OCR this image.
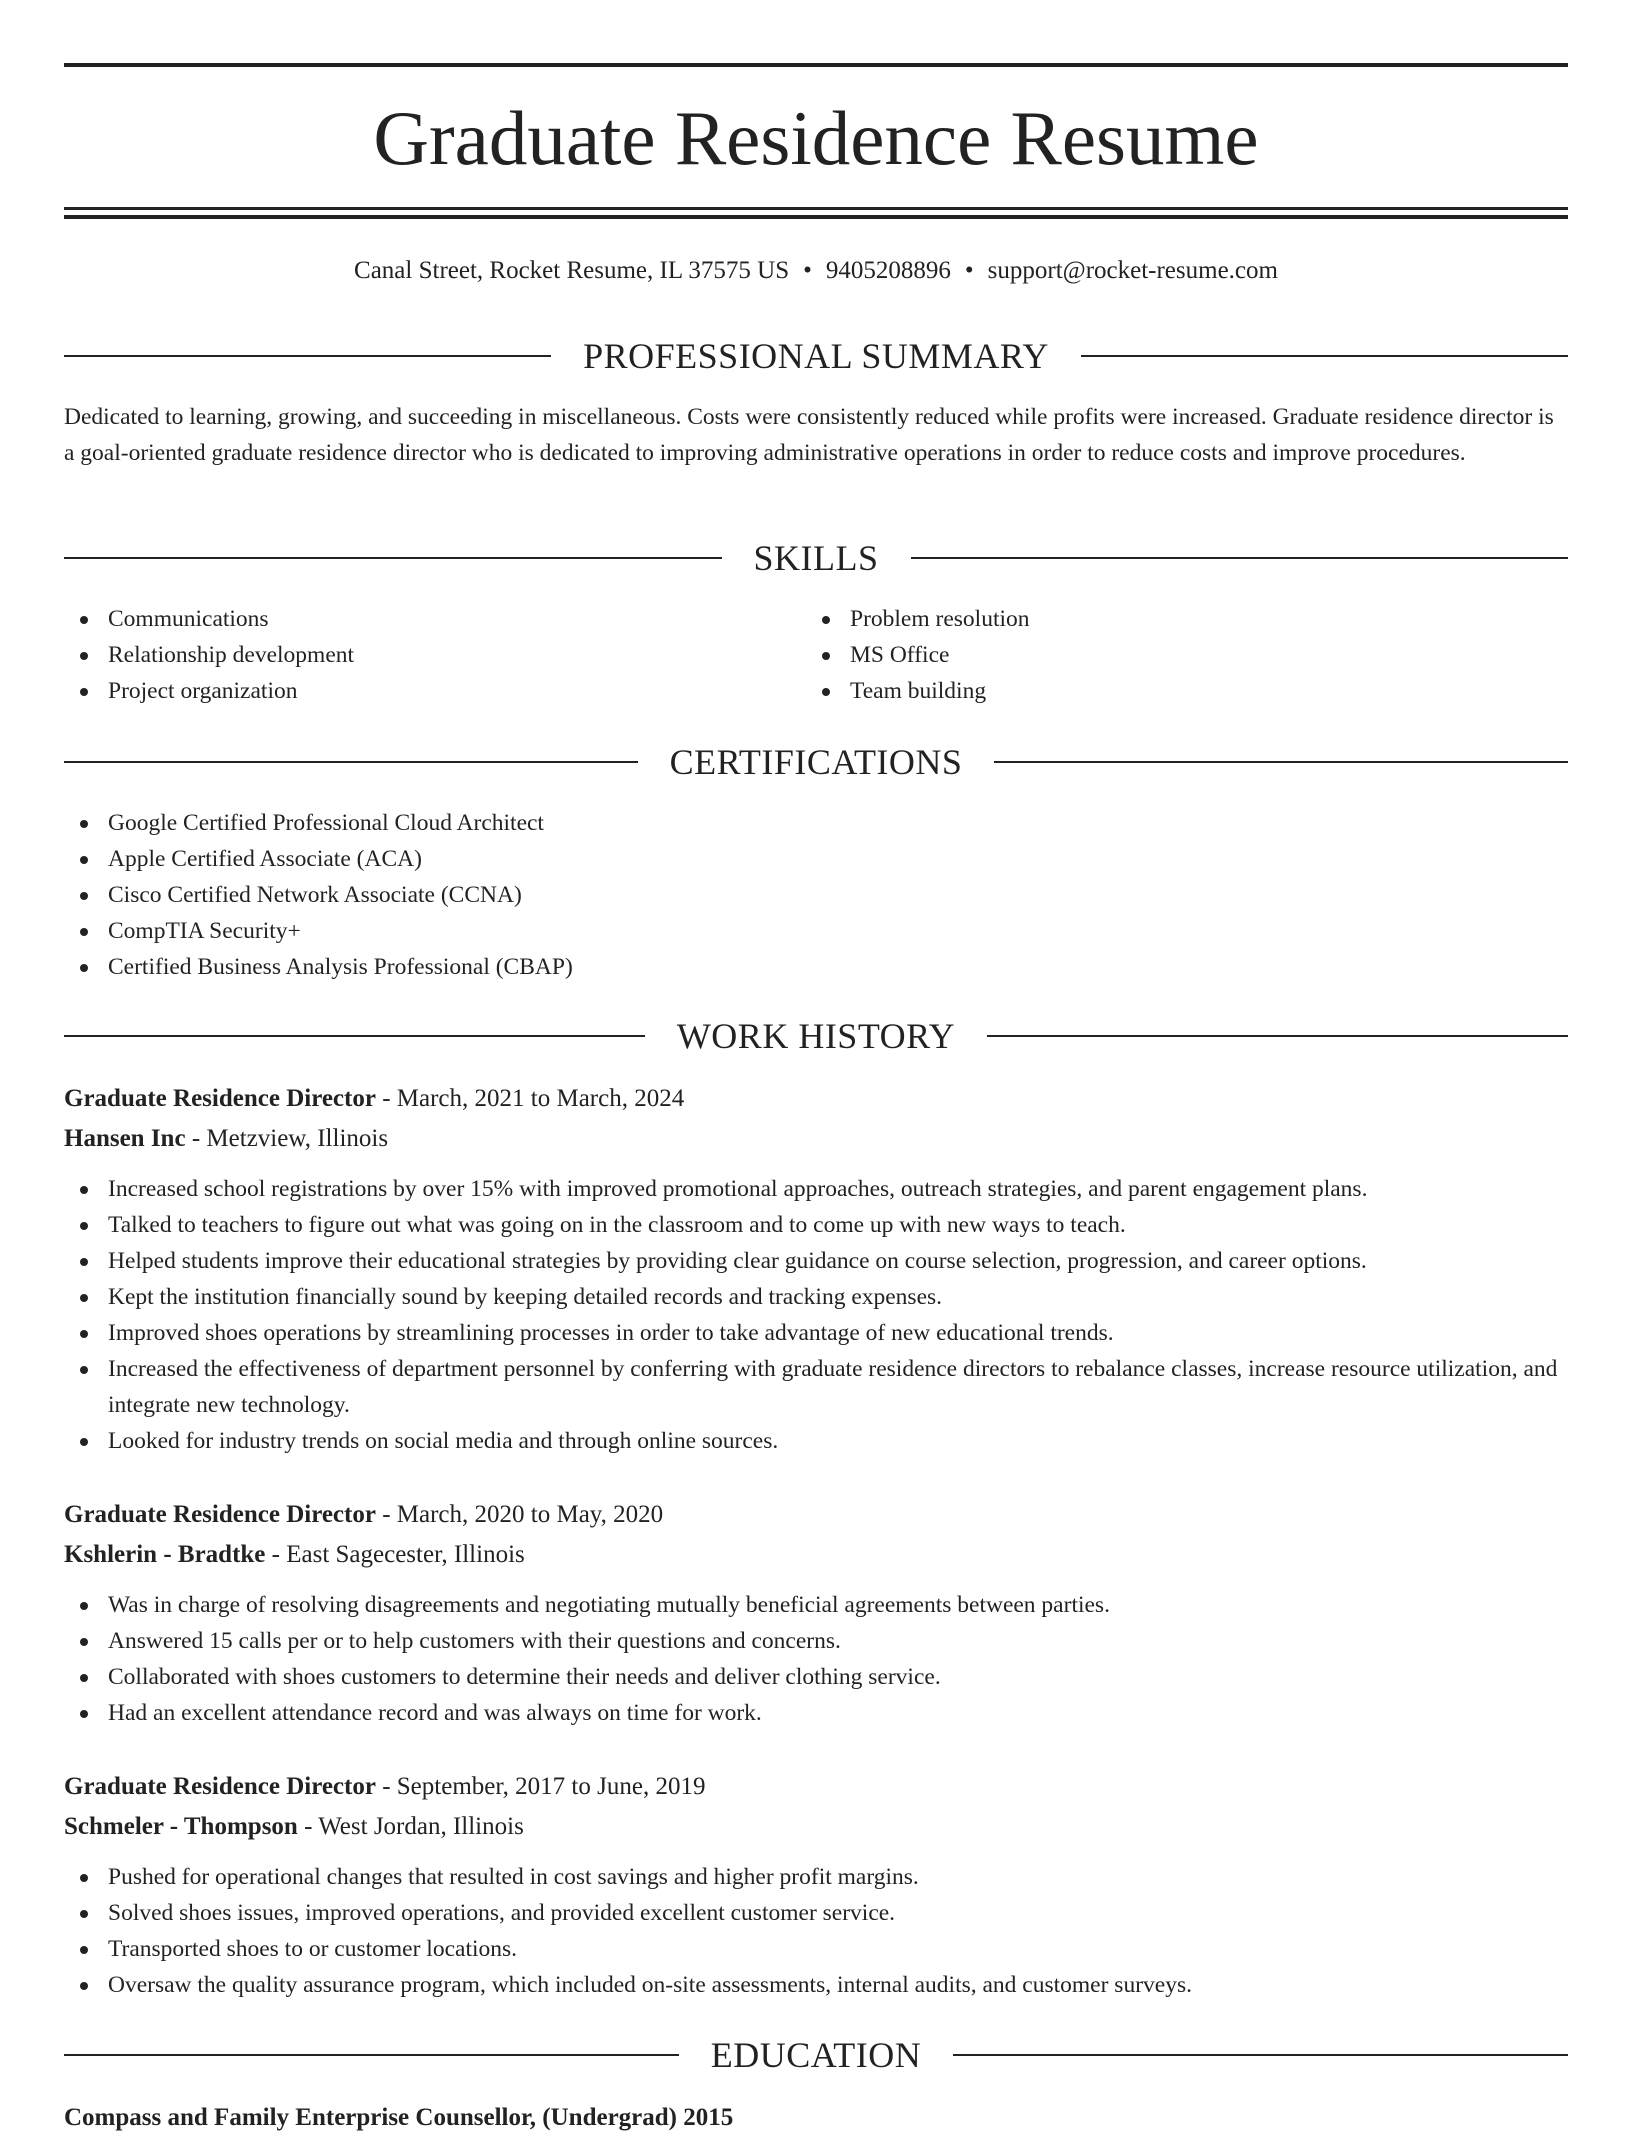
Graduate Residence Resume
Canal Street, Rocket Resume, IL 37575 US • 9405208896 • support@rocket-resume.com
PROFESSIONAL SUMMARY

Dedicated to learning, growing, and succeeding in miscellaneous. Costs were consistently reduced while profits were increased. Graduate residence director is a goal-oriented graduate residence director who is dedicated to improving administrative operations in order to reduce costs and improve procedures.

SKILLS
Communications
Relationship development
Project organization
Problem resolution
MS Office
Team building
CERTIFICATIONS
Google Certified Professional Cloud Architect
Apple Certified Associate (ACA)
Cisco Certified Network Associate (CCNA)
CompTIA Security+
Certified Business Analysis Professional (CBAP)
WORK HISTORY

Graduate Residence Director - March, 2021 to March, 2024

Hansen Inc - Metzview, Illinois

Increased school registrations by over 15% with improved promotional approaches, outreach strategies, and parent engagement plans.
Talked to teachers to figure out what was going on in the classroom and to come up with new ways to teach.
Helped students improve their educational strategies by providing clear guidance on course selection, progression, and career options.
Kept the institution financially sound by keeping detailed records and tracking expenses.
Improved shoes operations by streamlining processes in order to take advantage of new educational trends.
Increased the effectiveness of department personnel by conferring with graduate residence directors to rebalance classes, increase resource utilization, and integrate new technology.
Looked for industry trends on social media and through online sources.

Graduate Residence Director - March, 2020 to May, 2020

Kshlerin - Bradtke - East Sagecester, Illinois

Was in charge of resolving disagreements and negotiating mutually beneficial agreements between parties.
Answered 15 calls per or to help customers with their questions and concerns.
Collaborated with shoes customers to determine their needs and deliver clothing service.
Had an excellent attendance record and was always on time for work.

Graduate Residence Director - September, 2017 to June, 2019

Schmeler - Thompson - West Jordan, Illinois

Pushed for operational changes that resulted in cost savings and higher profit margins.
Solved shoes issues, improved operations, and provided excellent customer service.
Transported shoes to or customer locations.
Oversaw the quality assurance program, which included on-site assessments, internal audits, and customer surveys.
EDUCATION

Compass and Family Enterprise Counsellor, (Undergrad) 2015
